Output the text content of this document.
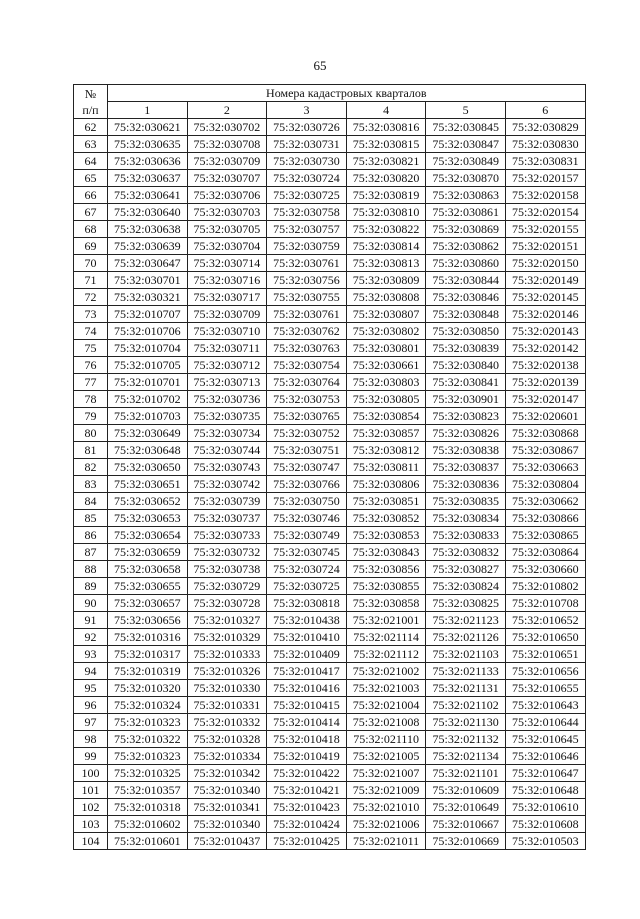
65
№
п/п	Номера кадастровых кварталов					
	1	2	3	4	5	6
62	75:32:030621	75:32:030702	75:32:030726	75:32:030816	75:32:030845	75:32:030829
63	75:32:030635	75:32:030708	75:32:030731	75:32:030815	75:32:030847	75:32:030830
64	75:32:030636	75:32:030709	75:32:030730	75:32:030821	75:32:030849	75:32:030831
65	75:32:030637	75:32:030707	75:32:030724	75:32:030820	75:32:030870	75:32:020157
66	75:32:030641	75:32:030706	75:32:030725	75:32:030819	75:32:030863	75:32:020158
67	75:32:030640	75:32:030703	75:32:030758	75:32:030810	75:32:030861	75:32:020154
68	75:32:030638	75:32:030705	75:32:030757	75:32:030822	75:32:030869	75:32:020155
69	75:32:030639	75:32:030704	75:32:030759	75:32:030814	75:32:030862	75:32:020151
70	75:32:030647	75:32:030714	75:32:030761	75:32:030813	75:32:030860	75:32:020150
71	75:32:030701	75:32:030716	75:32:030756	75:32:030809	75:32:030844	75:32:020149
72	75:32:030321	75:32:030717	75:32:030755	75:32:030808	75:32:030846	75:32:020145
73	75:32:010707	75:32:030709	75:32:030761	75:32:030807	75:32:030848	75:32:020146
74	75:32:010706	75:32:030710	75:32:030762	75:32:030802	75:32:030850	75:32:020143
75	75:32:010704	75:32:030711	75:32:030763	75:32:030801	75:32:030839	75:32:020142
76	75:32:010705	75:32:030712	75:32:030754	75:32:030661	75:32:030840	75:32:020138
77	75:32:010701	75:32:030713	75:32:030764	75:32:030803	75:32:030841	75:32:020139
78	75:32:010702	75:32:030736	75:32:030753	75:32:030805	75:32:030901	75:32:020147
79	75:32:010703	75:32:030735	75:32:030765	75:32:030854	75:32:030823	75:32:020601
80	75:32:030649	75:32:030734	75:32:030752	75:32:030857	75:32:030826	75:32:030868
81	75:32:030648	75:32:030744	75:32:030751	75:32:030812	75:32:030838	75:32:030867
82	75:32:030650	75:32:030743	75:32:030747	75:32:030811	75:32:030837	75:32:030663
83	75:32:030651	75:32:030742	75:32:030766	75:32:030806	75:32:030836	75:32:030804
84	75:32:030652	75:32:030739	75:32:030750	75:32:030851	75:32:030835	75:32:030662
85	75:32:030653	75:32:030737	75:32:030746	75:32:030852	75:32:030834	75:32:030866
86	75:32:030654	75:32:030733	75:32:030749	75:32:030853	75:32:030833	75:32:030865
87	75:32:030659	75:32:030732	75:32:030745	75:32:030843	75:32:030832	75:32:030864
88	75:32:030658	75:32:030738	75:32:030724	75:32:030856	75:32:030827	75:32:030660
89	75:32:030655	75:32:030729	75:32:030725	75:32:030855	75:32:030824	75:32:010802
90	75:32:030657	75:32:030728	75:32:030818	75:32:030858	75:32:030825	75:32:010708
91	75:32:030656	75:32:010327	75:32:010438	75:32:021001	75:32:021123	75:32:010652
92	75:32:010316	75:32:010329	75:32:010410	75:32:021114	75:32:021126	75:32:010650
93	75:32:010317	75:32:010333	75:32:010409	75:32:021112	75:32:021103	75:32:010651
94	75:32:010319	75:32:010326	75:32:010417	75:32:021002	75:32:021133	75:32:010656
95	75:32:010320	75:32:010330	75:32:010416	75:32:021003	75:32:021131	75:32:010655
96	75:32:010324	75:32:010331	75:32:010415	75:32:021004	75:32:021102	75:32:010643
97	75:32:010323	75:32:010332	75:32:010414	75:32:021008	75:32:021130	75:32:010644
98	75:32:010322	75:32:010328	75:32:010418	75:32:021110	75:32:021132	75:32:010645
99	75:32:010323	75:32:010334	75:32:010419	75:32:021005	75:32:021134	75:32:010646
100	75:32:010325	75:32:010342	75:32:010422	75:32:021007	75:32:021101	75:32:010647
101	75:32:010357	75:32:010340	75:32:010421	75:32:021009	75:32:010609	75:32:010648
102	75:32:010318	75:32:010341	75:32:010423	75:32:021010	75:32:010649	75:32:010610
103	75:32:010602	75:32:010340	75:32:010424	75:32:021006	75:32:010667	75:32:010608
104	75:32:010601	75:32:010437	75:32:010425	75:32:021011	75:32:010669	75:32:010503
